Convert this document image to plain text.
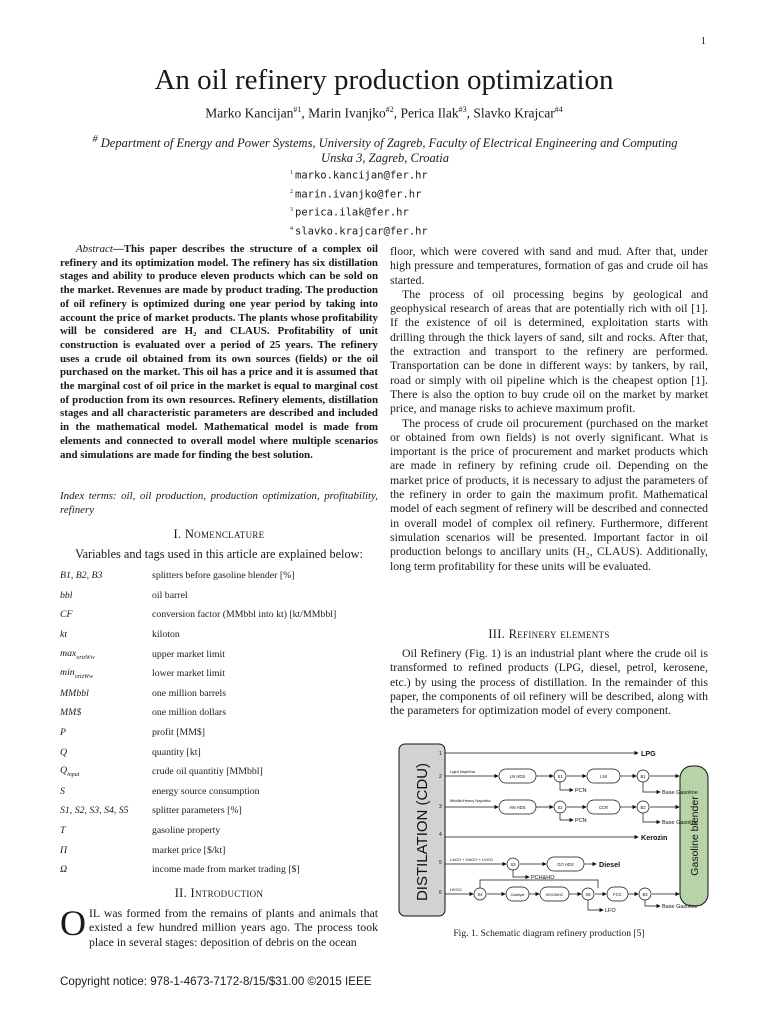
1
An oil refinery production optimization
Marko Kancijan$^{\#1}$, Marin Ivanjko$^{\#2}$, Perica Ilak$^{\#3}$, Slavko Krajcar$^{\#4}$
# Department of Energy and Power Systems, University of Zagreb, Faculty of Electrical Engineering and Computing
Unska 3, Zagreb, Croatia
$^1$ marko.kancijan@fer.hr
$^2$ marin.ivanjko@fer.hr
$^3$ perica.ilak@fer.hr
$^4$ slavko.krajcar@fer.hr
Abstract—This paper describes the structure of a complex oil refinery and its optimization model. The refinery has six distillation stages and ability to produce eleven products which can be sold on the market. Revenues are made by product trading. The production of oil refinery is optimized during one year period by taking into account the price of market products. The plants whose profitability will be considered are H₂ and CLAUS. Profitability of unit construction is evaluated over a period of 25 years. The refinery uses a crude oil obtained from its own sources (fields) or the oil purchased on the market. This oil has a price and it is assumed that the marginal cost of oil price in the market is equal to marginal cost of production from its own resources. Refinery elements, distillation stages and all characteristic parameters are described and included in the mathematical model. Mathematical model is made from elements and connected to overall model where multiple scenarios and simulations are made for finding the best solution.
Index terms: oil, oil production, production optimization, profitability, refinery
I. Nomenclature
Variables and tags used in this article are explained below:
B1, B2, B3	splitters before gasoline blender [%]
bbl	oil barrel
CF	conversion factor (MMbbl into kt) [kt/MMbbl]
kt	kiloton
$\max_{ortzWw}$	upper market limit
$\min_{ortzWw}$	lower market limit
MMbbl	one million barrels
MM$	one million dollars
P	profit [MM$]
Q	quantity [kt]
$Q_{input}$	crude oil quantitiy [MMbbl]
S	energy source consumption
S1, S2, S3, S4, S5	splitter parameters [%]
T	gasoline property
Π	market price [$/kt]
Ω	income made from market trading [$]
II. Introduction
OIL was formed from the remains of plants and animals that existed a few hundred million years ago. The process took place in several stages: deposition of debris on the ocean
Copyright notice: 978-1-4673-7172-8/15/$31.00 ©2015 IEEE

floor, which were covered with sand and mud. After that, under high pressure and temperatures, formation of gas and crude oil has started.

The process of oil processing begins by geological and geophysical research of areas that are potentially rich with oil [1]. If the existence of oil is determined, exploitation starts with drilling through the thick layers of sand, silt and rocks. After that, the extraction and transport to the refinery are performed. Transportation can be done in different ways: by tankers, by rail, road or simply with oil pipeline which is the cheapest option [1]. There is also the option to buy crude oil on the market by market price, and manage risks to achieve maximum profit.

The process of crude oil procurement (purchased on the market or obtained from own fields) is not overly significant. What is important is the price of procurement and market products which are made in refinery by refining crude oil. Depending on the market price of products, it is necessary to adjust the parameters of the refinery in order to gain the maximum profit. Mathematical model of each segment of refinery will be described and connected in overall model of complex oil refinery. Furthermore, different simulation scenarios will be presented. Important factor in oil production belongs to ancillary units (H₂, CLAUS). Additionally, long term profitability for these units will be evaluated.

III. Refinery elements

Oil Refinery (Fig. 1) is an industrial plant where the crude oil is transformed to refined products (LPG, diesel, petrol, kerosene, etc.) by using the process of distillation. In the remainder of this paper, the components of oil refinery will be described, along with the parameters for optimization model of every component.

DISTILATION (CDU)
1
2
3
4
5
6
Gasoline blender
LN HDS	S1	LNI	B1
HN HDS	S2	CCR	B2
S3	GO HDS
S4	Catalyst	HDS/MHC	S5	FCC	B3
Light Naphtha
Middle/Heavy Naphtha
LAGO + HAGO + LVGO
HVGO
LPG
Kerozin
Diesel
PCN	Base Gasoline
PCN	Base Gasoline
PCH&HO
LFO
Base Gasoline
Fig. 1. Schematic diagram refinery production [5]
